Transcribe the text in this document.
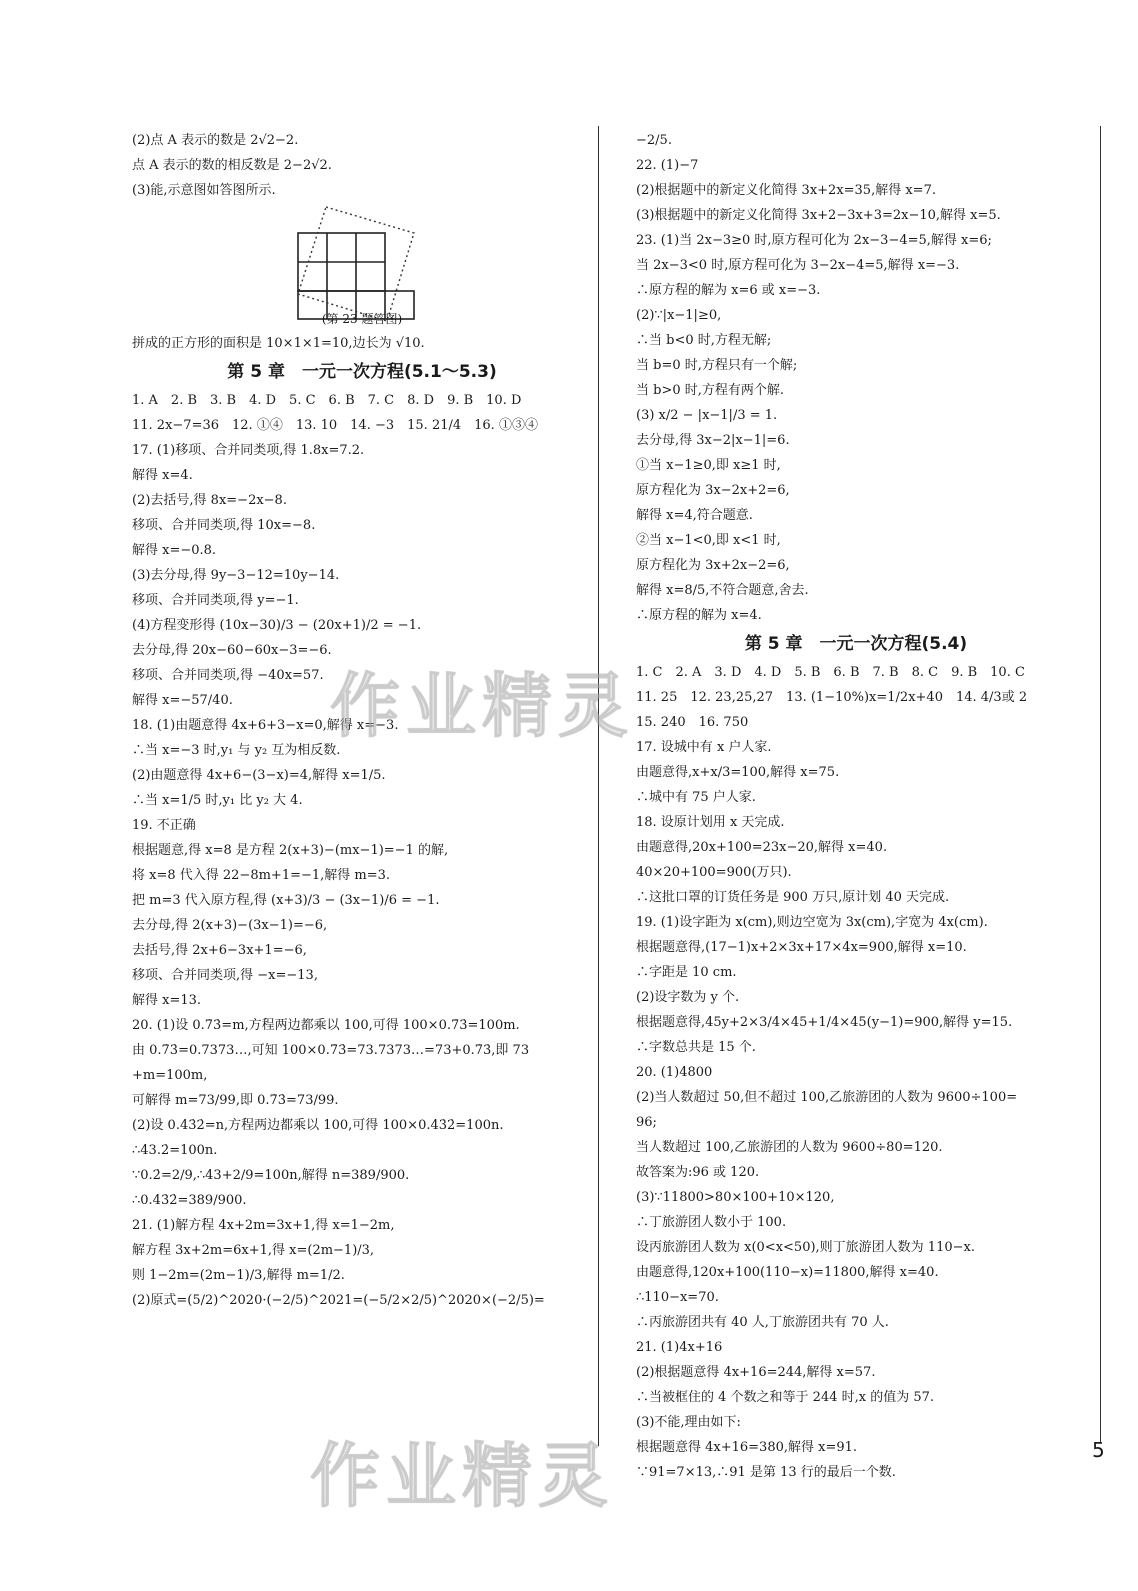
(2)点 A 表示的数是 2√2−2.
点 A 表示的数的相反数是 2−2√2.
(3)能,示意图如答图所示.
(第 23 题答图)
拼成的正方形的面积是 10×1×1=10,边长为 √10.
第 5 章　一元一次方程(5.1～5.3)
1. A　2. B　3. B　4. D　5. C　6. B　7. C　8. D　9. B　10. D
11. 2x−7=36　12. ①④　13. 10　14. −3　15. 21/4　16. ①③④
17. (1)移项、合并同类项,得 1.8x=7.2.
解得 x=4.
(2)去括号,得 8x=−2x−8.
移项、合并同类项,得 10x=−8.
解得 x=−0.8.
(3)去分母,得 9y−3−12=10y−14.
移项、合并同类项,得 y=−1.
(4)方程变形得 (10x−30)/3 − (20x+1)/2 = −1.
去分母,得 20x−60−60x−3=−6.
移项、合并同类项,得 −40x=57.
解得 x=−57/40.
18. (1)由题意得 4x+6+3−x=0,解得 x=−3.
∴当 x=−3 时,y₁ 与 y₂ 互为相反数.
(2)由题意得 4x+6−(3−x)=4,解得 x=1/5.
∴当 x=1/5 时,y₁ 比 y₂ 大 4.
19. 不正确
根据题意,得 x=8 是方程 2(x+3)−(mx−1)=−1 的解,
将 x=8 代入得 22−8m+1=−1,解得 m=3.
把 m=3 代入原方程,得 (x+3)/3 − (3x−1)/6 = −1.
去分母,得 2(x+3)−(3x−1)=−6,
去括号,得 2x+6−3x+1=−6,
移项、合并同类项,得 −x=−13,
解得 x=13.
20. (1)设 0.7̇3̇=m,方程两边都乘以 100,可得 100×0.7̇3̇=100m.
由 0.7̇3̇=0.7373…,可知 100×0.7̇3̇=73.7373…=73+0.7̇3̇,即 73
+m=100m,
可解得 m=73/99,即 0.7̇3̇=73/99.
(2)设 0.43̇2̇=n,方程两边都乘以 100,可得 100×0.43̇2̇=100n.
∴43.2̇=100n.
∵0.2̇=2/9,∴43+2/9=100n,解得 n=389/900.
∴0.43̇2̇=389/900.
21. (1)解方程 4x+2m=3x+1,得 x=1−2m,
解方程 3x+2m=6x+1,得 x=(2m−1)/3,
则 1−2m=(2m−1)/3,解得 m=1/2.
(2)原式=(5/2)^2020·(−2/5)^2021=(−5/2×2/5)^2020×(−2/5)=
−2/5.
22. (1)−7
(2)根据题中的新定义化简得 3x+2x=35,解得 x=7.
(3)根据题中的新定义化简得 3x+2−3x+3=2x−10,解得 x=5.
23. (1)当 2x−3≥0 时,原方程可化为 2x−3−4=5,解得 x=6;
当 2x−3<0 时,原方程可化为 3−2x−4=5,解得 x=−3.
∴原方程的解为 x=6 或 x=−3.
(2)∵|x−1|≥0,
∴当 b<0 时,方程无解;
当 b=0 时,方程只有一个解;
当 b>0 时,方程有两个解.
(3) x/2 − |x−1|/3 = 1.
去分母,得 3x−2|x−1|=6.
①当 x−1≥0,即 x≥1 时,
原方程化为 3x−2x+2=6,
解得 x=4,符合题意.
②当 x−1<0,即 x<1 时,
原方程化为 3x+2x−2=6,
解得 x=8/5,不符合题意,舍去.
∴原方程的解为 x=4.
第 5 章　一元一次方程(5.4)
1. C　2. A　3. D　4. D　5. B　6. B　7. B　8. C　9. B　10. C
11. 25　12. 23,25,27　13. (1−10%)x=1/2x+40　14. 4/3或 2
15. 240　16. 750
17. 设城中有 x 户人家.
由题意得,x+x/3=100,解得 x=75.
∴城中有 75 户人家.
18. 设原计划用 x 天完成.
由题意得,20x+100=23x−20,解得 x=40.
40×20+100=900(万只).
∴这批口罩的订货任务是 900 万只,原计划 40 天完成.
19. (1)设字距为 x(cm),则边空宽为 3x(cm),字宽为 4x(cm).
根据题意得,(17−1)x+2×3x+17×4x=900,解得 x=10.
∴字距是 10 cm.
(2)设字数为 y 个.
根据题意得,45y+2×3/4×45+1/4×45(y−1)=900,解得 y=15.
∴字数总共是 15 个.
20. (1)4800
(2)当人数超过 50,但不超过 100,乙旅游团的人数为 9600÷100=
96;
当人数超过 100,乙旅游团的人数为 9600÷80=120.
故答案为:96 或 120.
(3)∵11800>80×100+10×120,
∴丁旅游团人数小于 100.
设丙旅游团人数为 x(0<x<50),则丁旅游团人数为 110−x.
由题意得,120x+100(110−x)=11800,解得 x=40.
∴110−x=70.
∴丙旅游团共有 40 人,丁旅游团共有 70 人.
21. (1)4x+16
(2)根据题意得 4x+16=244,解得 x=57.
∴当被框住的 4 个数之和等于 244 时,x 的值为 57.
(3)不能,理由如下:
根据题意得 4x+16=380,解得 x=91.
∵91=7×13,∴91 是第 13 行的最后一个数.
作业精灵
作业精灵	5
